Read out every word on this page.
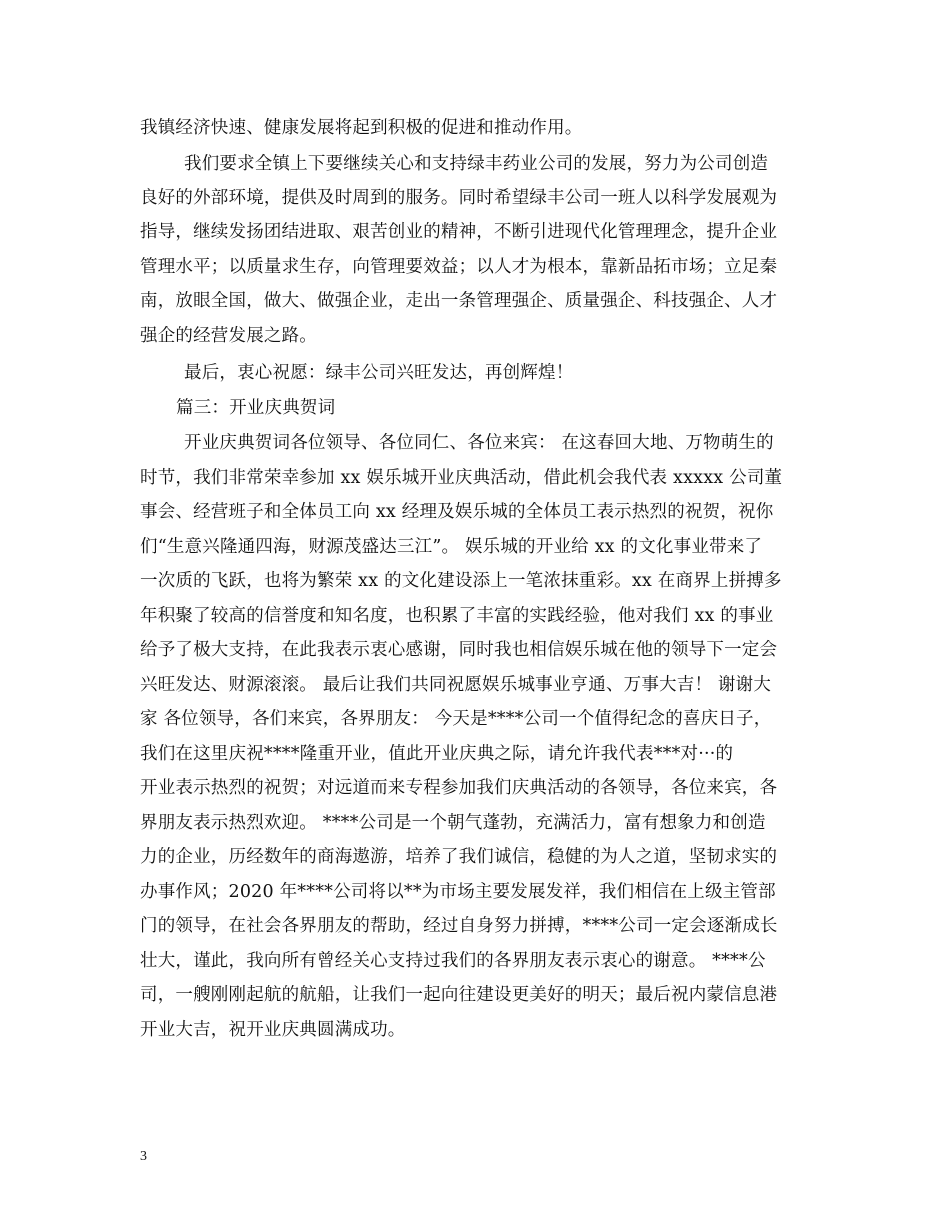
我镇经济快速、健康发展将起到积极的促进和推动作用。
我们要求全镇上下要继续关心和支持绿丰药业公司的发展，努力为公司创造
良好的外部环境，提供及时周到的服务。同时希望绿丰公司一班人以科学发展观为
指导，继续发扬团结进取、艰苦创业的精神，不断引进现代化管理理念，提升企业
管理水平；以质量求生存，向管理要效益；以人才为根本，靠新品拓市场；立足秦
南，放眼全国，做大、做强企业，走出一条管理强企、质量强企、科技强企、人才
强企的经营发展之路。
最后，衷心祝愿：绿丰公司兴旺发达，再创辉煌！
篇三：开业庆典贺词
开业庆典贺词各位领导、各位同仁、各位来宾： 在这春回大地、万物萌生的
时节，我们非常荣幸参加 xx 娱乐城开业庆典活动，借此机会我代表 xxxxx 公司董
事会、经营班子和全体员工向 xx 经理及娱乐城的全体员工表示热烈的祝贺，祝你
们“生意兴隆通四海，财源茂盛达三江”。 娱乐城的开业给 xx 的文化事业带来了
一次质的飞跃，也将为繁荣 xx 的文化建设添上一笔浓抹重彩。xx 在商界上拼搏多
年积聚了较高的信誉度和知名度，也积累了丰富的实践经验，他对我们 xx 的事业
给予了极大支持，在此我表示衷心感谢，同时我也相信娱乐城在他的领导下一定会
兴旺发达、财源滚滚。 最后让我们共同祝愿娱乐城事业亨通、万事大吉！ 谢谢大
家 各位领导，各们来宾，各界朋友： 今天是****公司一个值得纪念的喜庆日子，
我们在这里庆祝****隆重开业，值此开业庆典之际，请允许我代表***对···的
开业表示热烈的祝贺；对远道而来专程参加我们庆典活动的各领导，各位来宾，各
界朋友表示热烈欢迎。 ****公司是一个朝气蓬勃，充满活力，富有想象力和创造
力的企业，历经数年的商海遨游，培养了我们诚信，稳健的为人之道，坚韧求实的
办事作风；2020 年****公司将以**为市场主要发展发祥，我们相信在上级主管部
门的领导，在社会各界朋友的帮助，经过自身努力拼搏，****公司一定会逐渐成长
壮大，谨此，我向所有曾经关心支持过我们的各界朋友表示衷心的谢意。 ****公
司，一艘刚刚起航的航船，让我们一起向往建设更美好的明天；最后祝内蒙信息港
开业大吉，祝开业庆典圆满成功。
3
